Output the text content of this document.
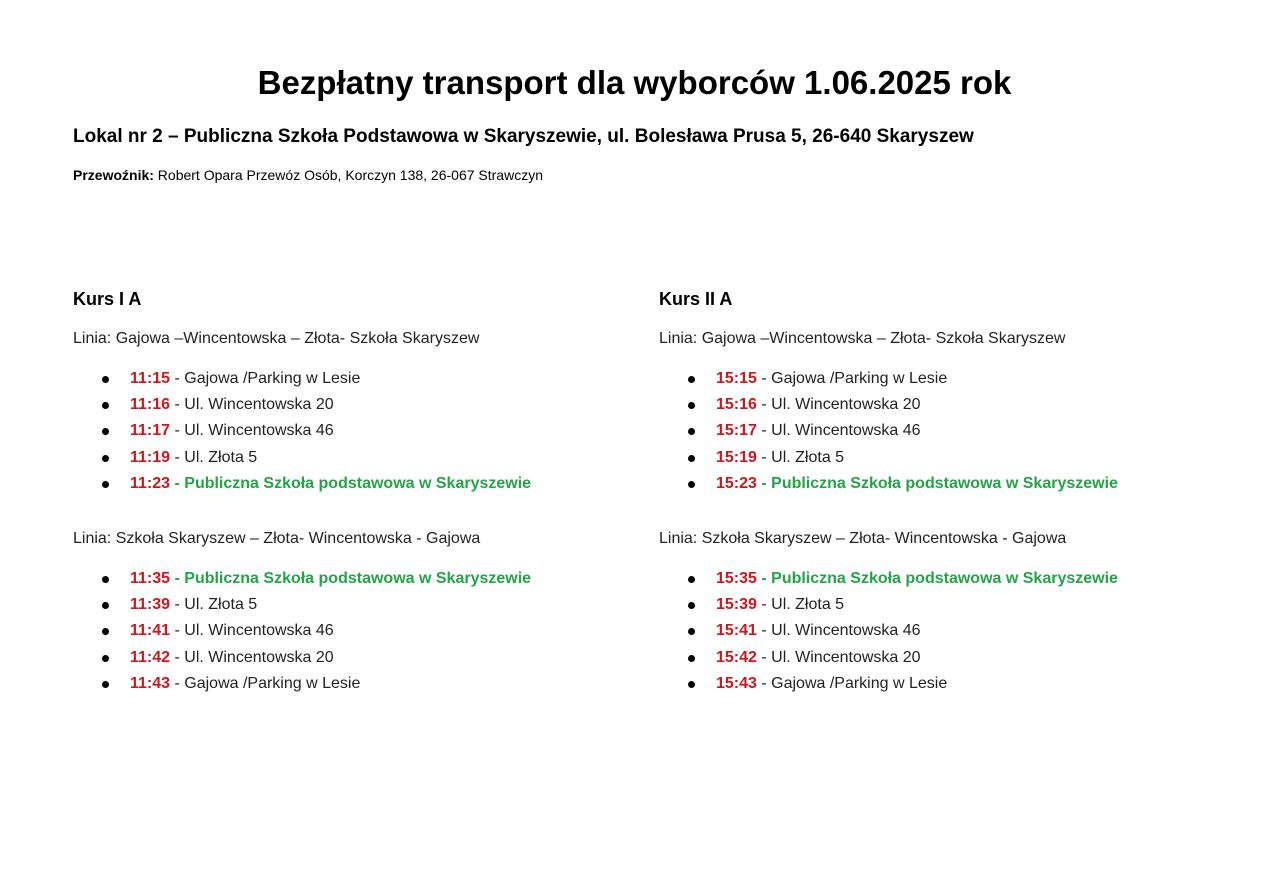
Bezpłatny transport dla wyborców 1.06.2025 rok
Lokal nr 2 – Publiczna Szkoła Podstawowa w Skaryszewie, ul. Bolesława Prusa 5, 26-640 Skaryszew

Przewoźnik: Robert Opara Przewóz Osób, Korczyn 138, 26-067 Strawczyn

Kurs I A

Linia: Gajowa –Wincentowska – Złota- Szkoła Skaryszew

11:15 - Gajowa /Parking w Lesie
11:16 - Ul. Wincentowska 20
11:17 - Ul. Wincentowska 46
11:19 - Ul. Złota 5
11:23 - Publiczna Szkoła podstawowa w Skaryszewie

Linia: Szkoła Skaryszew – Złota- Wincentowska - Gajowa

11:35 - Publiczna Szkoła podstawowa w Skaryszewie
11:39 - Ul. Złota 5
11:41 - Ul. Wincentowska 46
11:42 - Ul. Wincentowska 20
11:43 - Gajowa /Parking w Lesie
Kurs II A

Linia: Gajowa –Wincentowska – Złota- Szkoła Skaryszew

15:15 - Gajowa /Parking w Lesie
15:16 - Ul. Wincentowska 20
15:17 - Ul. Wincentowska 46
15:19 - Ul. Złota 5
15:23 - Publiczna Szkoła podstawowa w Skaryszewie

Linia: Szkoła Skaryszew – Złota- Wincentowska - Gajowa

15:35 - Publiczna Szkoła podstawowa w Skaryszewie
15:39 - Ul. Złota 5
15:41 - Ul. Wincentowska 46
15:42 - Ul. Wincentowska 20
15:43 - Gajowa /Parking w Lesie
